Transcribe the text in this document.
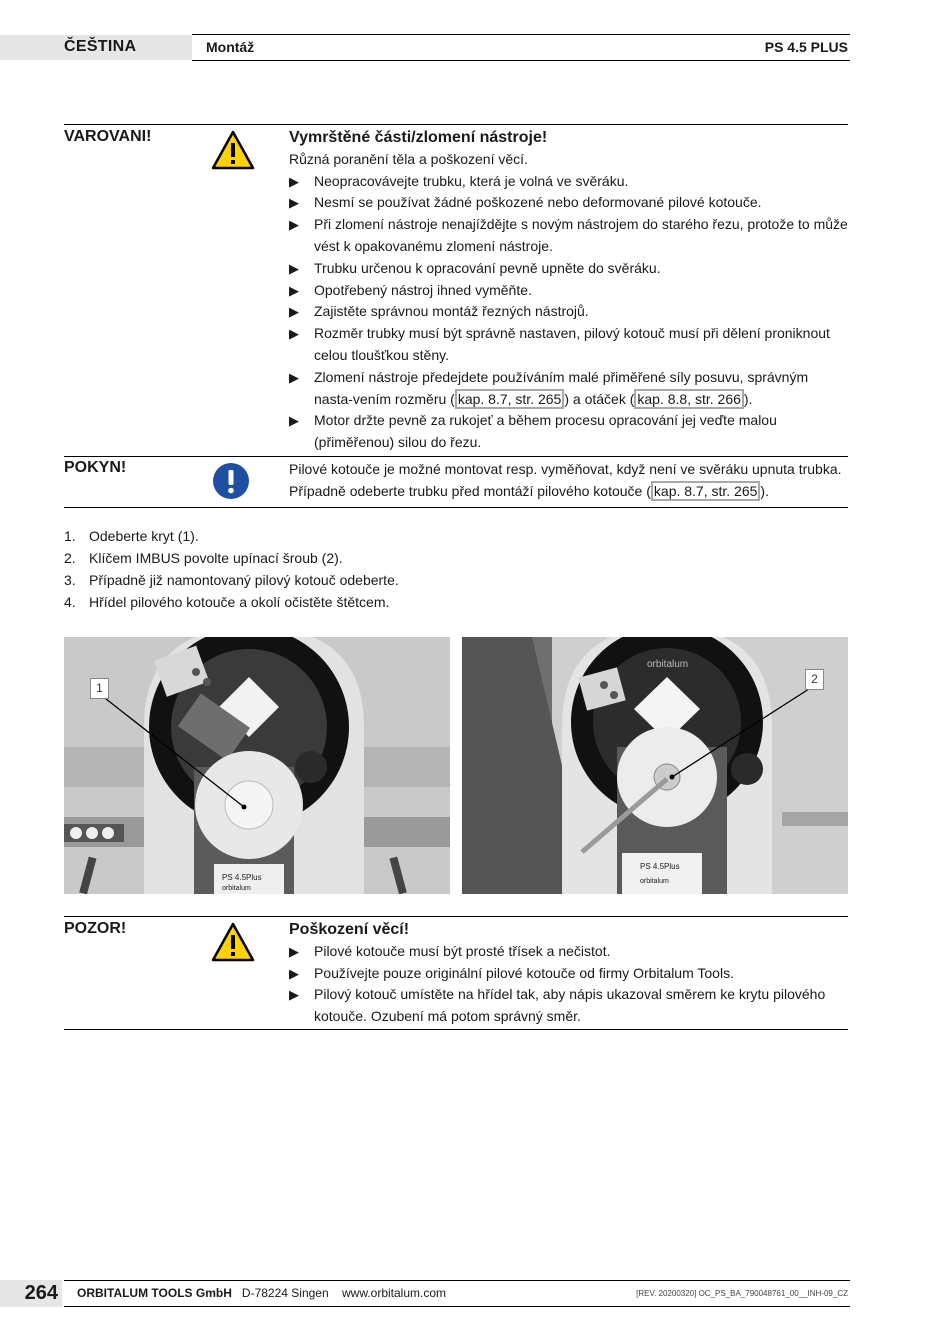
ČEŠTINA	Montáž	PS 4.5 PLUS
VAROVANI!	Vymrštěné části/zlomení nástroje!
Různá poranění těla a poškození věcí.
▶ Neopracovávejte trubku, která je volná ve svěráku.
▶ Nesmí se používat žádné poškozené nebo deformované pilové kotouče.
▶ Při zlomení nástroje nenajíždějte s novým nástrojem do starého řezu, protože to může vést k opakovanému zlomení nástroje.
▶ Trubku určenou k opracování pevně upněte do svěráku.
▶ Opotřebený nástroj ihned vyměňte.
▶ Zajistěte správnou montáž řezných nástrojů.
▶ Rozměr trubky musí být správně nastaven, pilový kotouč musí při dělení proniknout celou tloušťkou stěny.
▶ Zlomení nástroje předejdete používáním malé přiměřené síly posuvu, správným nasta-vením rozměru ( kap. 8.7, str. 265 ) a otáček ( kap. 8.8, str. 266 ).
▶ Motor držte pevně za rukojeť a během procesu opracování jej veďte malou (přiměřenou) silou do řezu.
POKYN!	Pilové kotouče je možné montovat resp. vyměňovat, když není ve svěráku upnuta trubka.
Případně odeberte trubku před montáží pilového kotouče ( kap. 8.7, str. 265 ).
1. Odeberte kryt (1).
2. Klíčem IMBUS povolte upínací šroub (2).
3. Případně již namontovaný pilový kotouč odeberte.
4. Hřídel pilového kotouče a okolí očistěte štětcem.
PS 4.5Plus
orbitalum
1
PS 4.5Plus
orbitalum
orbitalum
2
POZOR!	Poškození věcí!
▶ Pilové kotouče musí být prosté třísek a nečistot.
▶ Používejte pouze originální pilové kotouče od firmy Orbitalum Tools.
▶ Pilový kotouč umístěte na hřídel tak, aby nápis ukazoval směrem ke krytu pilového kotouče. Ozubení má potom správný směr.
264 ORBITALUM TOOLS GmbH D-78224 Singen www.orbitalum.com	[REV. 20200320] OC_PS_BA_790048761_00__INH-09_CZ
